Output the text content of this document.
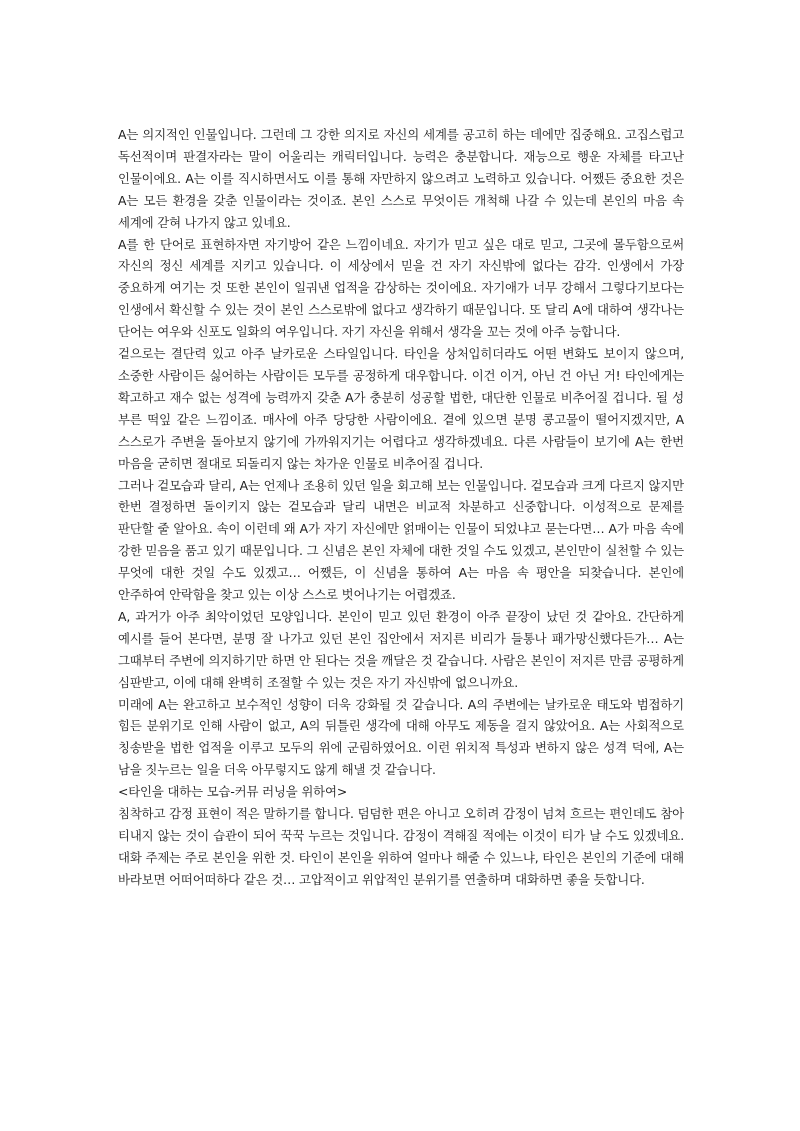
A는 의지적인 인물입니다. 그런데 그 강한 의지로 자신의 세계를 공고히 하는 데에만 집중해요. 고집스럽고 독선적이며 판결자라는 말이 어울리는 캐릭터입니다. 능력은 충분합니다. 재능으로 행운 자체를 타고난 인물이에요. A는 이를 직시하면서도 이를 통해 자만하지 않으려고 노력하고 있습니다. 어쨌든 중요한 것은 A는 모든 환경을 갖춘 인물이라는 것이죠. 본인 스스로 무엇이든 개척해 나갈 수 있는데 본인의 마음 속 세계에 갇혀 나가지 않고 있네요.

A를 한 단어로 표현하자면 자기방어 같은 느낌이네요. 자기가 믿고 싶은 대로 믿고, 그곳에 몰두함으로써 자신의 정신 세계를 지키고 있습니다. 이 세상에서 믿을 건 자기 자신밖에 없다는 감각. 인생에서 가장 중요하게 여기는 것 또한 본인이 일궈낸 업적을 감상하는 것이에요. 자기애가 너무 강해서 그렇다기보다는 인생에서 확신할 수 있는 것이 본인 스스로밖에 없다고 생각하기 때문입니다. 또 달리 A에 대하여 생각나는 단어는 여우와 신포도 일화의 여우입니다. 자기 자신을 위해서 생각을 꼬는 것에 아주 능합니다.

겉으로는 결단력 있고 아주 날카로운 스타일입니다. 타인을 상처입히더라도 어떤 변화도 보이지 않으며, 소중한 사람이든 싫어하는 사람이든 모두를 공정하게 대우합니다. 이건 이거, 아닌 건 아닌 거! 타인에게는 확고하고 재수 없는 성격에 능력까지 갖춘 A가 충분히 성공할 법한, 대단한 인물로 비추어질 겁니다. 될 성 부른 떡잎 같은 느낌이죠. 매사에 아주 당당한 사람이에요. 곁에 있으면 분명 콩고물이 떨어지겠지만, A 스스로가 주변을 돌아보지 않기에 가까워지기는 어렵다고 생각하겠네요. 다른 사람들이 보기에 A는 한번 마음을 굳히면 절대로 되돌리지 않는 차가운 인물로 비추어질 겁니다.

그러나 겉모습과 달리, A는 언제나 조용히 있던 일을 회고해 보는 인물입니다. 겉모습과 크게 다르지 않지만 한번 결정하면 돌이키지 않는 겉모습과 달리 내면은 비교적 차분하고 신중합니다. 이성적으로 문제를 판단할 줄 알아요. 속이 이런데 왜 A가 자기 자신에만 얽매이는 인물이 되었냐고 묻는다면… A가 마음 속에 강한 믿음을 품고 있기 때문입니다. 그 신념은 본인 자체에 대한 것일 수도 있겠고, 본인만이 실천할 수 있는 무엇에 대한 것일 수도 있겠고… 어쨌든, 이 신념을 통하여 A는 마음 속 평안을 되찾습니다. 본인에 안주하여 안락함을 찾고 있는 이상 스스로 벗어나기는 어렵겠죠.

A, 과거가 아주 최악이었던 모양입니다. 본인이 믿고 있던 환경이 아주 끝장이 났던 것 같아요. 간단하게 예시를 들어 본다면, 분명 잘 나가고 있던 본인 집안에서 저지른 비리가 들통나 패가망신했다든가… A는 그때부터 주변에 의지하기만 하면 안 된다는 것을 깨달은 것 같습니다. 사람은 본인이 저지른 만큼 공평하게 심판받고, 이에 대해 완벽히 조절할 수 있는 것은 자기 자신밖에 없으니까요.

미래에 A는 완고하고 보수적인 성향이 더욱 강화될 것 같습니다. A의 주변에는 날카로운 태도와 범접하기 힘든 분위기로 인해 사람이 없고, A의 뒤틀린 생각에 대해 아무도 제동을 걸지 않았어요. A는 사회적으로 칭송받을 법한 업적을 이루고 모두의 위에 군림하였어요. 이런 위치적 특성과 변하지 않은 성격 덕에, A는 남을 짓누르는 일을 더욱 아무렇지도 않게 해낼 것 같습니다.

<타인을 대하는 모습-커뮤 러닝을 위하여>

침착하고 감정 표현이 적은 말하기를 합니다. 덤덤한 편은 아니고 오히려 감정이 넘쳐 흐르는 편인데도 참아 티내지 않는 것이 습관이 되어 꾹꾹 누르는 것입니다. 감정이 격해질 적에는 이것이 티가 날 수도 있겠네요. 대화 주제는 주로 본인을 위한 것. 타인이 본인을 위하여 얼마나 해줄 수 있느냐, 타인은 본인의 기준에 대해 바라보면 어떠어떠하다 같은 것… 고압적이고 위압적인 분위기를 연출하며 대화하면 좋을 듯합니다.
